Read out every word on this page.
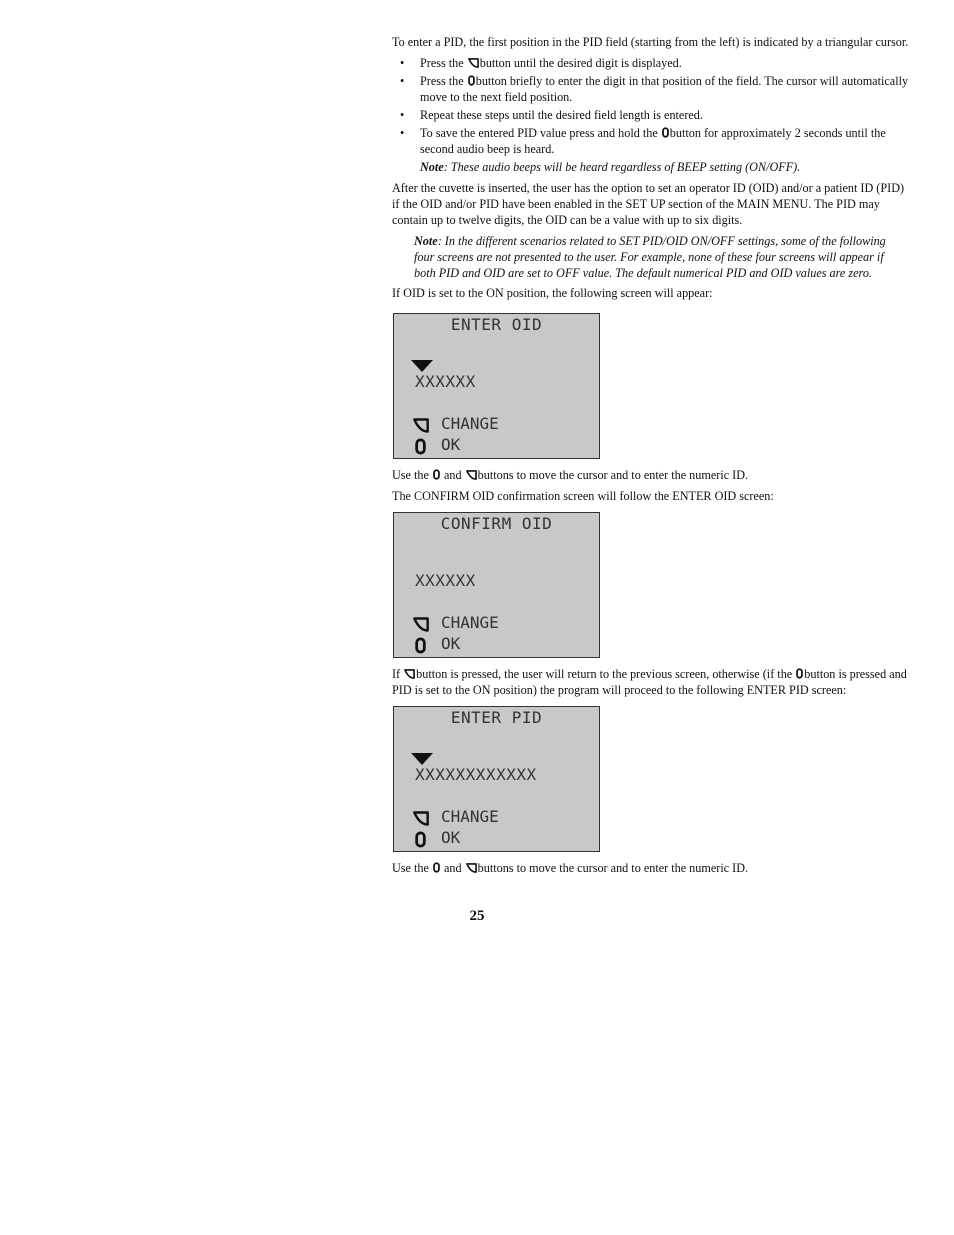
To enter a PID, the first position in the PID field (starting from the left) is indicated by a triangular cursor.

• Press the button until the desired digit is displayed.
• Press the button briefly to enter the digit in that position of the field. The cursor will automatically move to the next field position.
• Repeat these steps until the desired field length is entered.
• To save the entered PID value press and hold the button for approximately 2 seconds until the second audio beep is heard.

Note: These audio beeps will be heard regardless of BEEP setting (ON/OFF).

After the cuvette is inserted, the user has the option to set an operator ID (OID) and/or a patient ID (PID) if the OID and/or PID have been enabled in the SET UP section of the MAIN MENU. The PID may contain up to twelve digits, the OID can be a value with up to six digits.

Note: In the different scenarios related to SET PID/OID ON/OFF settings, some of the following four screens are not presented to the user. For example, none of these four screens will appear if both PID and OID are set to OFF value. The default numerical PID and OID values are zero.

If OID is set to the ON position, the following screen will appear:

ENTER OID
XXXXXX
CHANGE
OK

Use the and buttons to move the cursor and to enter the numeric ID.

The CONFIRM OID confirmation screen will follow the ENTER OID screen:

CONFIRM OID
XXXXXX
CHANGE
OK

If button is pressed, the user will return to the previous screen, otherwise (if the button is pressed and PID is set to the ON position) the program will proceed to the following ENTER PID screen:

ENTER PID
XXXXXXXXXXXX
CHANGE
OK

Use the and buttons to move the cursor and to enter the numeric ID.

25
